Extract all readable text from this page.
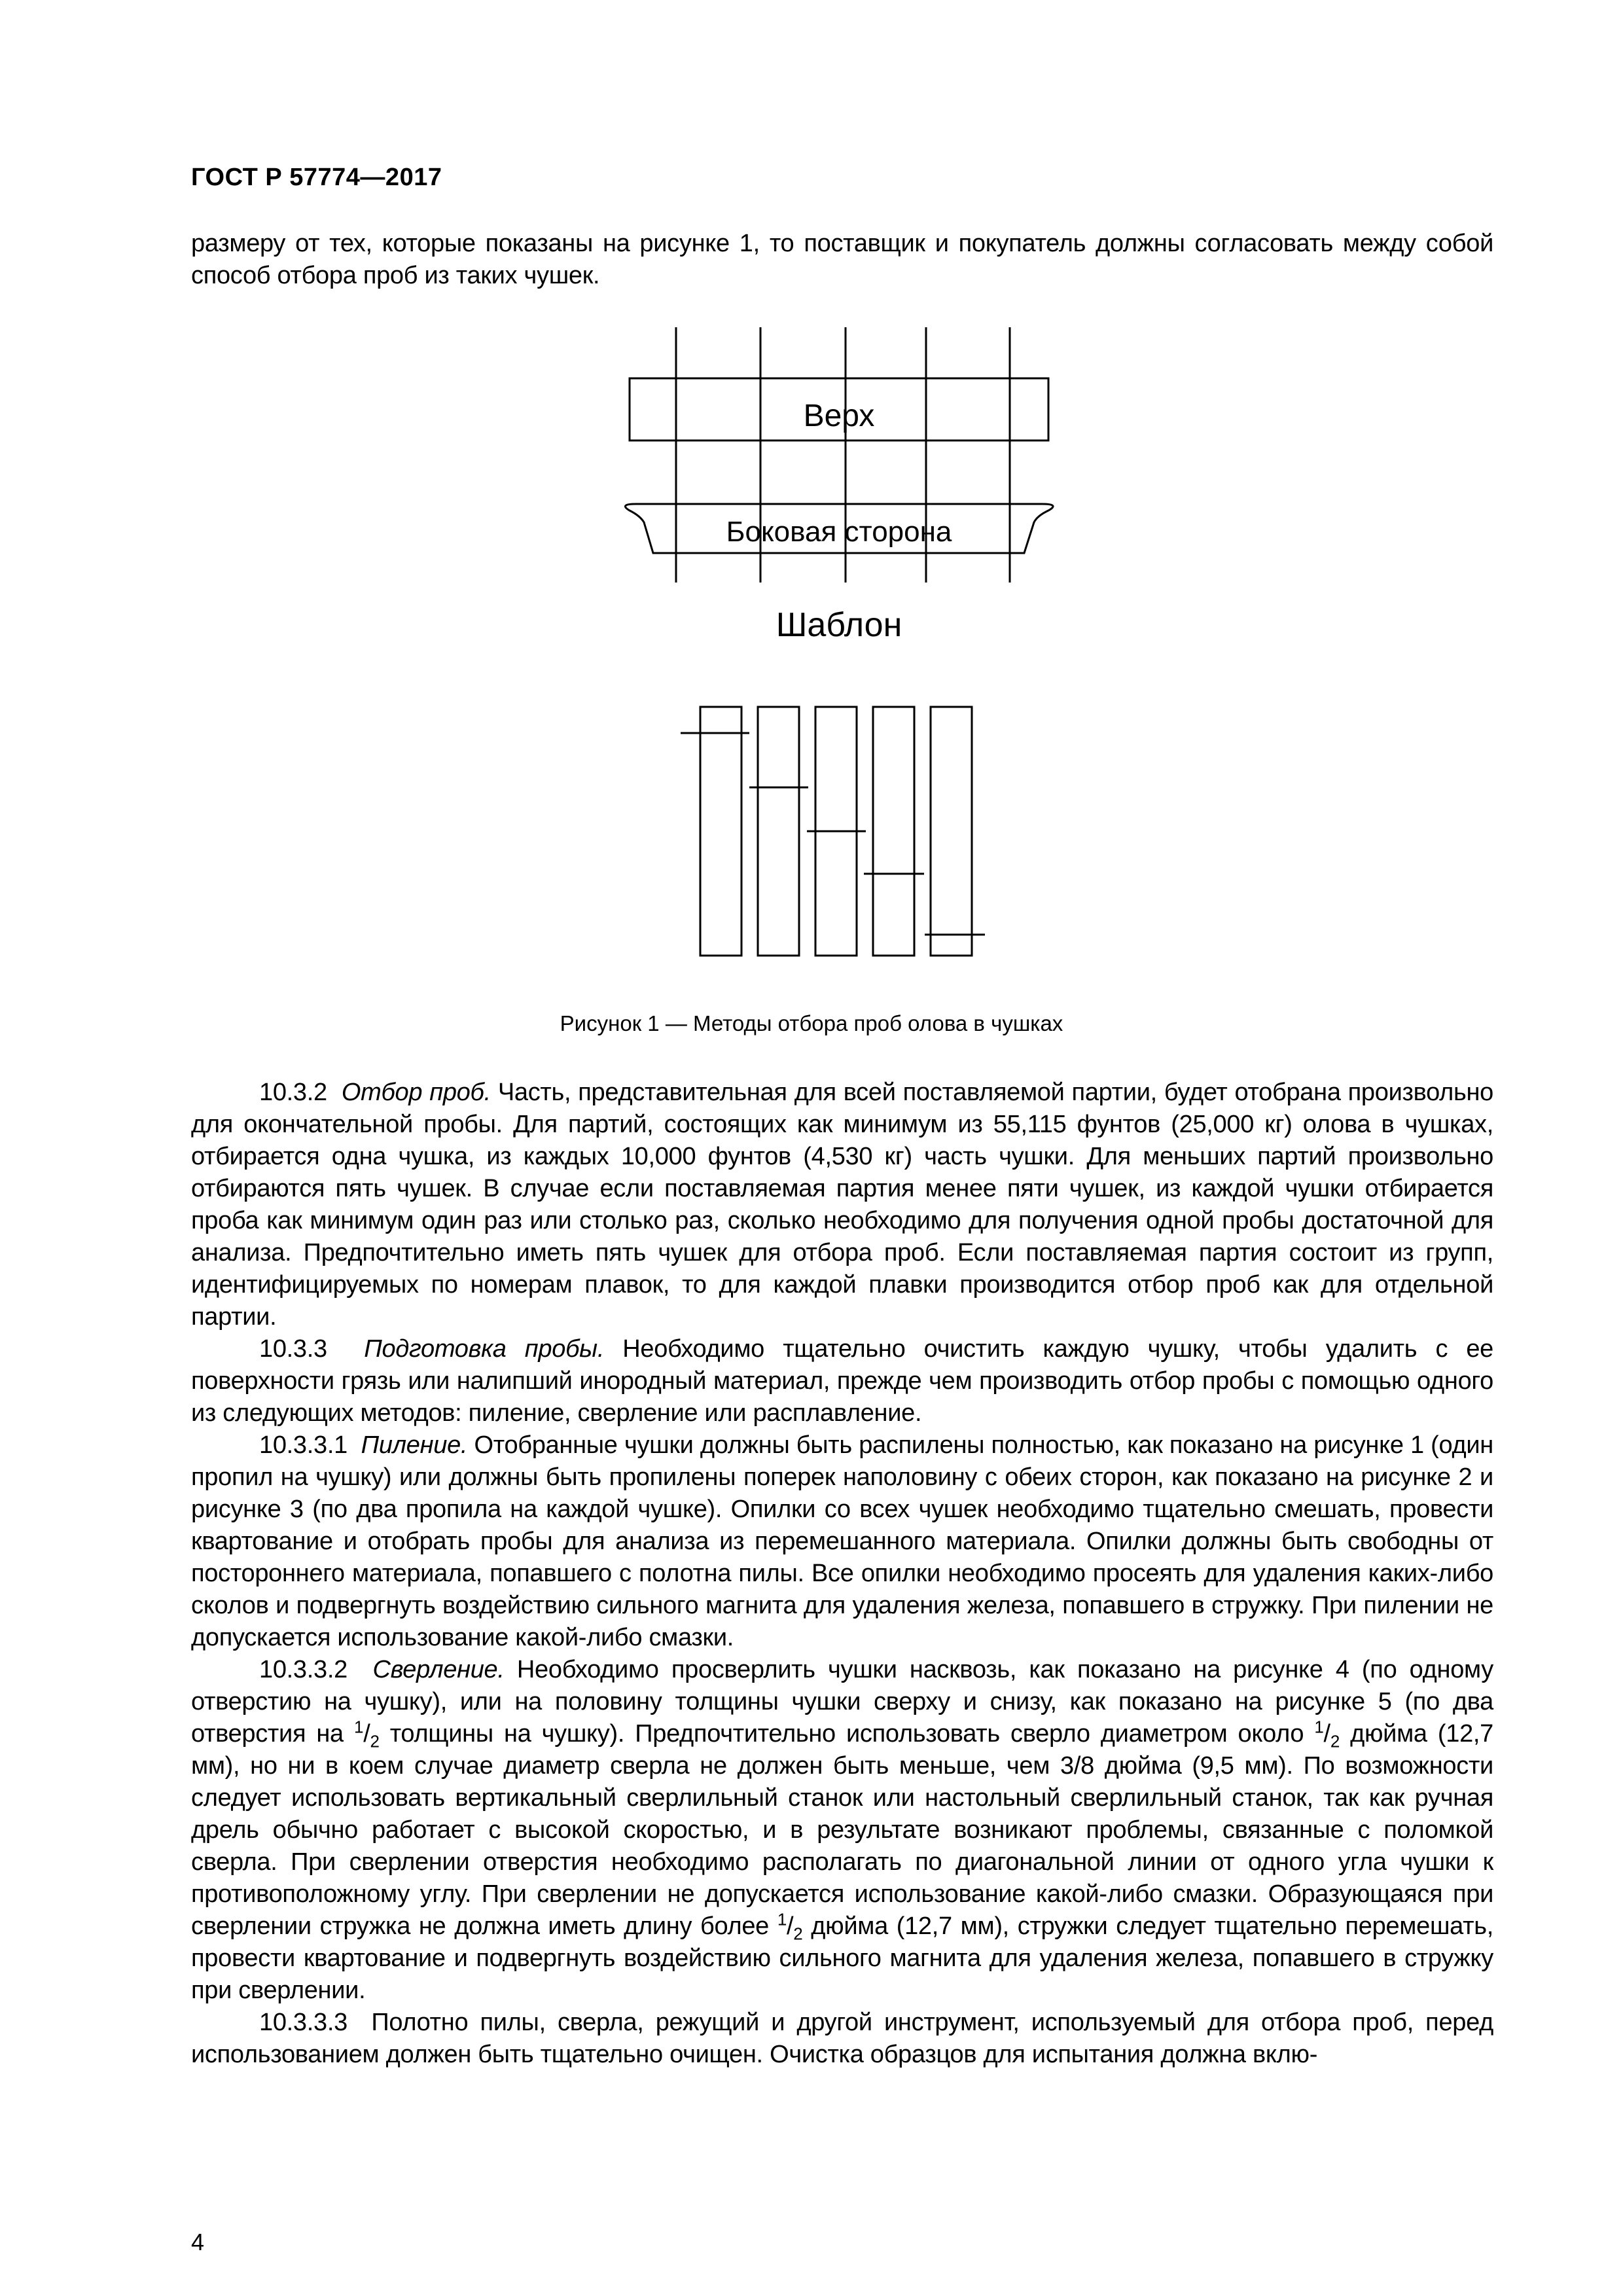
ГОСТ Р 57774—2017

размеру от тех, которые показаны на рисунке 1, то поставщик и покупатель должны согласовать между собой способ отбора проб из таких чушек.

Верх
Боковая сторона
Шаблон
Рисунок 1 — Методы отбора проб олова в чушках

10.3.2 Отбор проб. Часть, представительная для всей поставляемой партии, будет отобрана произвольно для окончательной пробы. Для партий, состоящих как минимум из 55,115 фунтов (25,000 кг) олова в чушках, отбирается одна чушка, из каждых 10,000 фунтов (4,530 кг) часть чушки. Для меньших партий произвольно отбираются пять чушек. В случае если поставляемая партия менее пяти чушек, из каждой чушки отбирается проба как минимум один раз или столько раз, сколько необходимо для получения одной пробы достаточной для анализа. Предпочтительно иметь пять чушек для отбора проб. Если поставляемая партия состоит из групп, идентифицируемых по номерам плавок, то для каждой плавки производится отбор проб как для отдельной партии.

10.3.3 Подготовка пробы. Необходимо тщательно очистить каждую чушку, чтобы удалить с ее поверхности грязь или налипший инородный материал, прежде чем производить отбор пробы с помощью одного из следующих методов: пиление, сверление или расплавление.

10.3.3.1 Пиление. Отобранные чушки должны быть распилены полностью, как показано на рисунке 1 (один пропил на чушку) или должны быть пропилены поперек наполовину с обеих сторон, как показано на рисунке 2 и рисунке 3 (по два пропила на каждой чушке). Опилки со всех чушек необходимо тщательно смешать, провести квартование и отобрать пробы для анализа из перемешанного материала. Опилки должны быть свободны от постороннего материала, попавшего с полотна пилы. Все опилки необходимо просеять для удаления каких-либо сколов и подвергнуть воздействию сильного магнита для удаления железа, попавшего в стружку. При пилении не допускается использование какой-либо смазки.

10.3.3.2 Сверление. Необходимо просверлить чушки насквозь, как показано на рисунке 4 (по одному отверстию на чушку), или на половину толщины чушки сверху и снизу, как показано на рисунке 5 (по два отверстия на $^1/_2$ толщины на чушку). Предпочтительно использовать сверло диаметром около $^1/_2$ дюйма (12,7 мм), но ни в коем случае диаметр сверла не должен быть меньше, чем 3/8 дюйма (9,5 мм). По возможности следует использовать вертикальный сверлильный станок или настольный сверлильный станок, так как ручная дрель обычно работает с высокой скоростью, и в результате возникают проблемы, связанные с поломкой сверла. При сверлении отверстия необходимо располагать по диагональной линии от одного угла чушки к противоположному углу. При сверлении не допускается использование какой-либо смазки. Образующаяся при сверлении стружка не должна иметь длину более $^1/_2$ дюйма (12,7 мм), стружки следует тщательно перемешать, провести квартование и подвергнуть воздействию сильного магнита для удаления железа, попавшего в стружку при сверлении.

10.3.3.3  Полотно пилы, сверла, режущий и другой инструмент, используемый для отбора проб, перед использованием должен быть тщательно очищен. Очистка образцов для испытания должна вклю-

4
